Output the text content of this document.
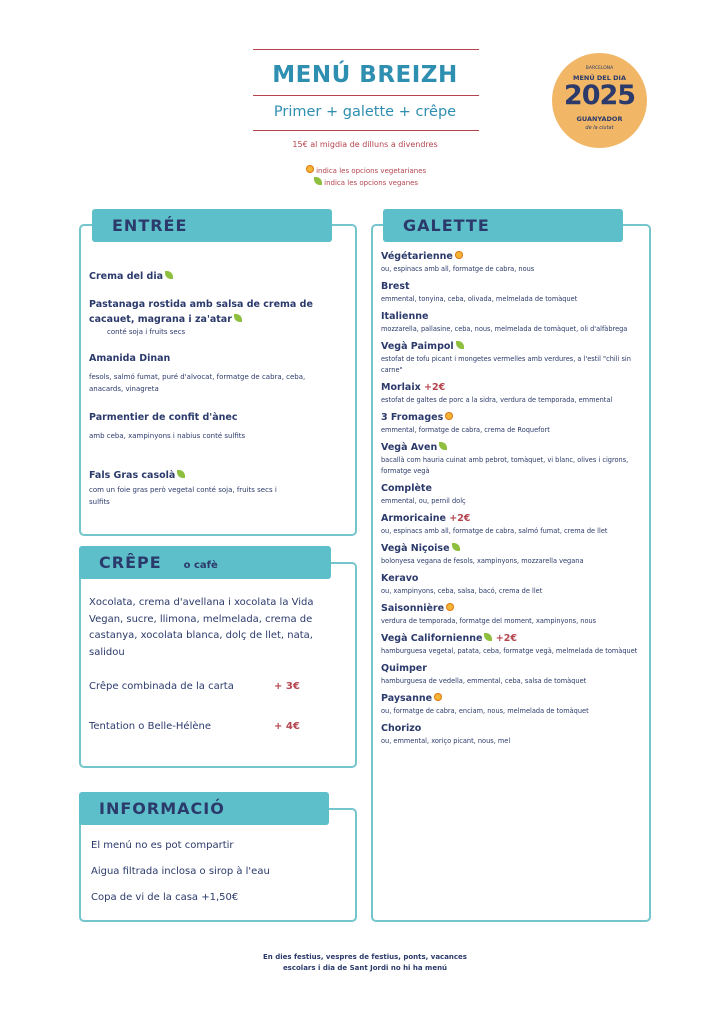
MENÚ BREIZH
Primer + galette + crêpe
15€ al migdia de dilluns a divendres
indica les opcions vegetarianes
indica les opcions veganes
BARCELONA
MENÚ DEL DIA
2025
GUANYADOR
de la ciutat
ENTRÉE
Crema del dia
Pastanaga rostida amb salsa de crema de cacauet, magrana i za'atar
conté soja i fruits secs
Amanida Dinan
fesols, salmó fumat, puré d'alvocat, formatge de cabra, ceba, anacards, vinagreta
Parmentier de confit d'ànec
amb ceba, xampinyons i nabius conté sulfits
Fals Gras casolà
com un foie gras però vegetal conté soja, fruits secs i sulfits
CRÊPE o cafè
Xocolata, crema d'avellana i xocolata la Vida Vegan, sucre, llimona, melmelada, crema de castanya, xocolata blanca, dolç de llet, nata, salidou
Crêpe combinada de la carta	+ 3€
Tentation o Belle-Hélène	+ 4€
INFORMACIÓ
El menú no es pot compartir
Aigua filtrada inclosa o sirop à l'eau
Copa de vi de la casa +1,50€
GALETTE
Végétarienne
ou, espinacs amb all, formatge de cabra, nous
Brest
emmental, tonyina, ceba, olivada, melmelada de tomàquet
Italienne
mozzarella, pallasine, ceba, nous, melmelada de tomàquet, oli d'alfàbrega
Vegà Paimpol
estofat de tofu picant i mongetes vermelles amb verdures, a l'estil "chili sin carne"
Morlaix +2€
estofat de galtes de porc a la sidra, verdura de temporada, emmental
3 Fromages
emmental, formatge de cabra, crema de Roquefort
Vegà Aven
bacallà com hauria cuinat amb pebrot, tomàquet, vi blanc, olives i cigrons, formatge vegà
Complète
emmental, ou, pernil dolç
Armoricaine +2€
ou, espinacs amb all, formatge de cabra, salmó fumat, crema de llet
Vegà Niçoise
bolonyesa vegana de fesols, xampinyons, mozzarella vegana
Keravo
ou, xampinyons, ceba, salsa, bacó, crema de llet
Saisonnière
verdura de temporada, formatge del moment, xampinyons, nous
Vegà Californienne +2€
hamburguesa vegetal, patata, ceba, formatge vegà, melmelada de tomàquet
Quimper
hamburguesa de vedella, emmental, ceba, salsa de tomàquet
Paysanne
ou, formatge de cabra, enciam, nous, melmelada de tomàquet
Chorizo
ou, emmental, xoriço picant, nous, mel
En dies festius, vespres de festius, ponts, vacances
escolars i dia de Sant Jordi no hi ha menú
